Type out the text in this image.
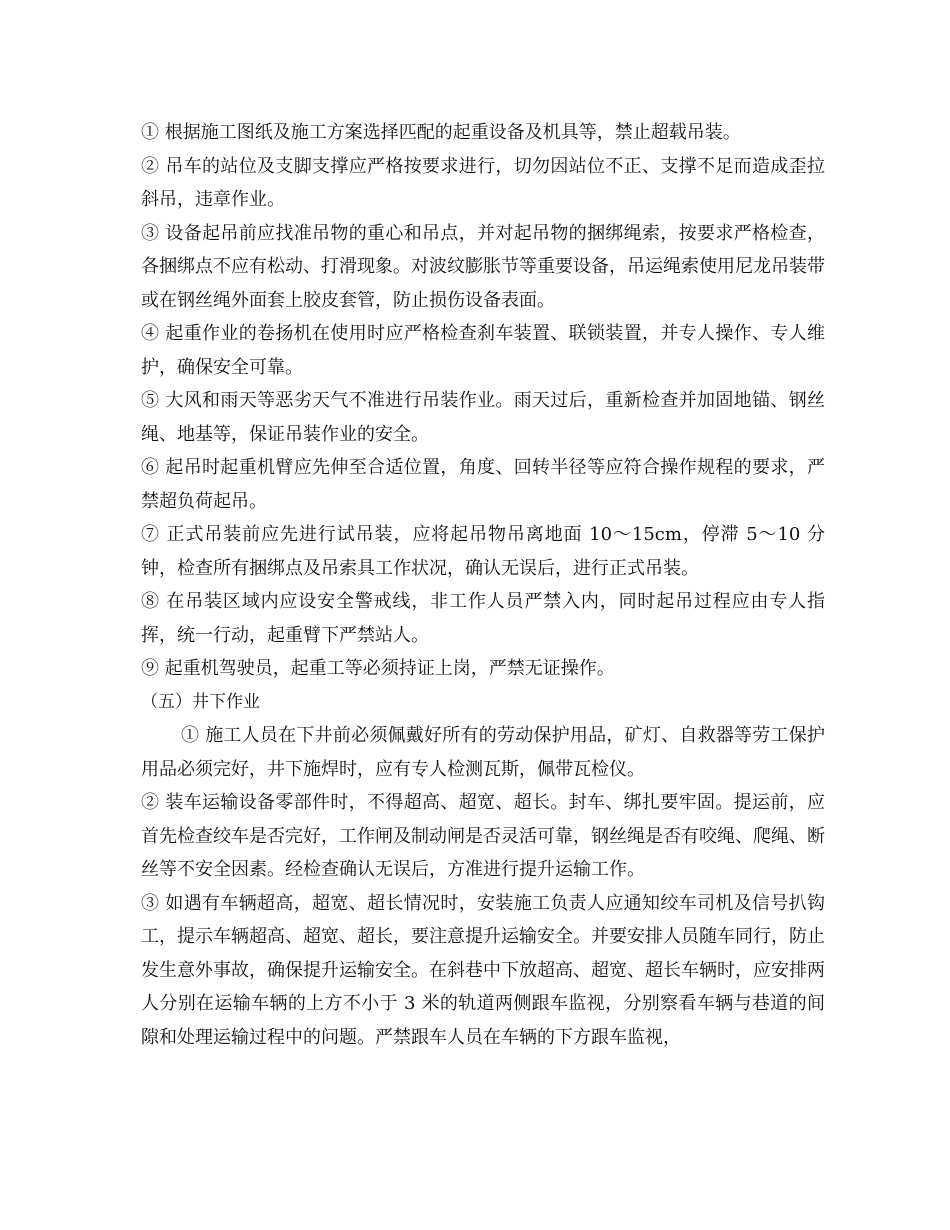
① 根据施工图纸及施工方案选择匹配的起重设备及机具等，禁止超载吊装。

② 吊车的站位及支脚支撑应严格按要求进行，切勿因站位不正、支撑不足而造成歪拉斜吊，违章作业。

③ 设备起吊前应找准吊物的重心和吊点，并对起吊物的捆绑绳索，按要求严格检查，各捆绑点不应有松动、打滑现象。对波纹膨胀节等重要设备，吊运绳索使用尼龙吊装带或在钢丝绳外面套上胶皮套管，防止损伤设备表面。

④ 起重作业的卷扬机在使用时应严格检查刹车装置、联锁装置，并专人操作、专人维护，确保安全可靠。

⑤ 大风和雨天等恶劣天气不准进行吊装作业。雨天过后，重新检查并加固地锚、钢丝绳、地基等，保证吊装作业的安全。

⑥ 起吊时起重机臂应先伸至合适位置，角度、回转半径等应符合操作规程的要求，严禁超负荷起吊。

⑦ 正式吊装前应先进行试吊装，应将起吊物吊离地面 10～15cm，停滞 5～10 分钟，检查所有捆绑点及吊索具工作状况，确认无误后，进行正式吊装。

⑧ 在吊装区域内应设安全警戒线，非工作人员严禁入内，同时起吊过程应由专人指挥，统一行动，起重臂下严禁站人。

⑨ 起重机驾驶员，起重工等必须持证上岗，严禁无证操作。

（五）井下作业

① 施工人员在下井前必须佩戴好所有的劳动保护用品，矿灯、自救器等劳工保护用品必须完好，井下施焊时，应有专人检测瓦斯，佩带瓦检仪。

② 装车运输设备零部件时，不得超高、超宽、超长。封车、绑扎要牢固。提运前，应首先检查绞车是否完好，工作闸及制动闸是否灵活可靠，钢丝绳是否有咬绳、爬绳、断丝等不安全因素。经检查确认无误后，方准进行提升运输工作。

③ 如遇有车辆超高，超宽、超长情况时，安装施工负责人应通知绞车司机及信号扒钩工，提示车辆超高、超宽、超长，要注意提升运输安全。并要安排人员随车同行，防止发生意外事故，确保提升运输安全。在斜巷中下放超高、超宽、超长车辆时，应安排两人分别在运输车辆的上方不小于 3 米的轨道两侧跟车监视，分别察看车辆与巷道的间隙和处理运输过程中的问题。严禁跟车人员在车辆的下方跟车监视，
